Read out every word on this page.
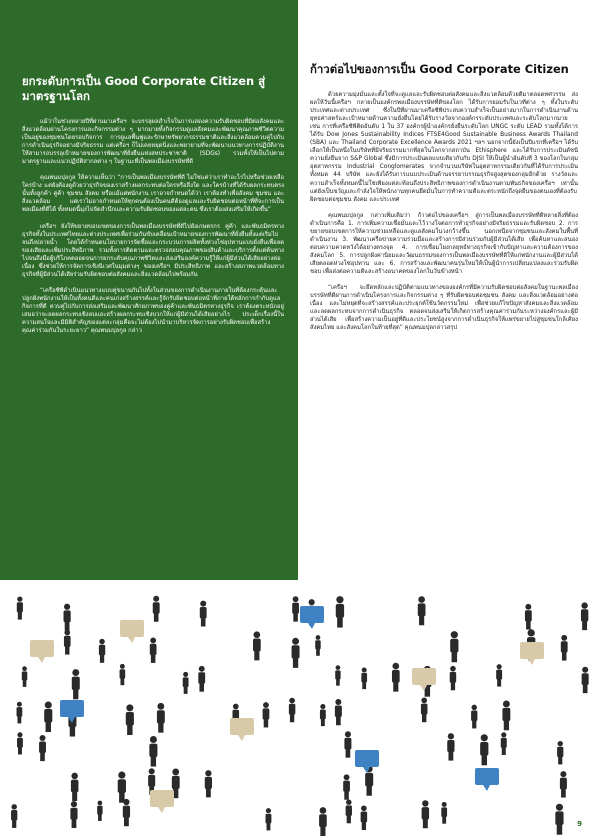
ยกระดับการเป็น Good Corporate Citizen สู่มาตรฐานโลก

แม้ว่าในช่วงหลายปีที่ผ่านมาเครือฯ จะบรรลุผลสำเร็จในการแสดงความรับผิดชอบที่มีต่อสังคมและสิ่งแวดล้อมผ่านโครงการและกิจกรรมต่าง ๆ มากมายทั้งกิจกรรมดูแลสังคมและพัฒนาคุณภาพชีวิตความเป็นอยู่ของชุมชนโดยรอบกิจการ การดูแลพื้นฟูและรักษาทรัพยากรธรรมชาติและสิ่งแวดล้อมควบคู่ไปกับการดำเนินธุรกิจอย่างมีจริยธรรม แต่เครือฯ ก็ไม่เคยหยุดนิ่งและพยายามที่จะพัฒนาแนวทางการปฏิบัติงานให้สามารถบรรลุเป้าหมายของการพัฒนาที่ยั่งยืนแห่งสหประชาชาติ (SDGs) รวมทั้งให้เป็นไปตามมาตรฐานและแนวปฏิบัติสากลต่าง ๆ ในฐานะที่เป็นพลเมืองบรรษัทที่ดี

คุณพนมปุลกูล ให้ความเห็นว่า “การเป็นพลเมืองบรรษัทที่ดี ไม่ใช่แค่ว่าเราทำอะไรไปหรือช่วยเหลือใครบ้าง แต่ยังต้องดูด้วยว่าธุรกิจของเราสร้างผลกระทบต่อใครหรือสิ่งใด และใครบ้างที่ได้รับผลกระทบตรงนั้นทั้งลูกค้า คู่ค้า ชุมชน สังคม หรือแม้แต่พนักงาน เราอาจกำหนดได้ว่า เราต้องทำเพื่อสังคม ชุมชน และสิ่งแวดล้อม แต่เราไม่อาจกำหนดให้ทุกคนต้องเป็นคนดีต้องดูแลและรับผิดชอบต่อหน้าที่ที่จะการเป็นพลเมืองที่ดีได้ ทั้งหมดนี้มุ่งไปจัดสำนึกและความรับผิดชอบของแต่ละคน ซึ่งเราต้องส่งเสริมให้เกิดขึ้น”

เครือฯ ยังให้ขยายขอบเขตของการเป็นพลเมืองบรรษัทที่ดีไปยังเกษตรกร คู่ค้า และพันธมิตรทางธุรกิจทั้งในประเทศไทยและต่างประเทศเพื่อร่วมกันขับเคลื่อนเป้าหมายของการพัฒนาที่ยั่งยืนทั้งแต่เริ่มไปจนถึงปลายน้ำ โดยได้กำหนดนโยบายการจัดซื้อและกระบวนการผลิตทั้งห่วงโซ่อุปทานแบบยั่งยืนเพื่อลดของเสียและเพิ่มประสิทธิภาพ รวมทั้งการติดตามและตรวจสอบคุณภาพของสินค้าและบริการตั้งแต่ต้นทางไปจนถึงมือผู้บริโภคตลอดจนการยกระดับคุณภาพชีวิตและส่งเสริมองค์ความรู้ให้แก่ผู้มีส่วนได้เสียอย่างต่อเนื่อง ซึ่งช่วยให้การจัดการเชิงนิเวศในมุมต่างๆ ของเครือฯ มีประสิทธิภาพ และสร้างสภาพแวดล้อมทางธุรกิจที่ผู้มีส่วนได้เสียร่วมรับผิดชอบต่อสังคมและสิ่งแวดล้อมไปพร้อมกัน

“เครือซีพีดำเนินแนวทางแบบคู่ขนานกันไปทั้งในส่วนของการดำเนินงานภายในที่ต้องกระตุ้นและปลูกฝังพนักงานให้เป็นทั้งคนดีและคนเก่งสร้างสรรค์และรู้จักรับผิดชอบต่อหน้าที่ภายใต้หลักการกำกับดูแลกิจการที่ดี ควบคู่ไปกับการส่งเสริมและพัฒนาศักยภาพของคู่ค้าและพันธมิตรทางธุรกิจ เราต้องตระหนักอยู่เสมอว่าจะลดผลกระทบเชิงลบและสร้างผลกระทบเชิงบวกให้แก่ผู้มีส่วนได้เสียอย่างไร ประเด็กเรื่องนี้ในความสนใจและมีมิติสำคัญของแต่ละกลุ่มคือจะไม่ต้องไปนำมาบริหารจัดการอย่างรับผิดชอบเพื่อสร้างคุณค่าร่วมกันในระยะยาว” คุณพนมปุลกูล กล่าว

ก้าวต่อไปของการเป็น Good Corporate Citizen

ด้วยความมุ่งมั่นและตั้งใจที่จะดูแลและรับผิดชอบต่อสังคมและสิ่งแวดล้อมด้วยดีมาตลอดทศวรรษ ส่งผลให้วันนี้เครือฯ กลายเป็นองค์กรพลเมืองบรรษัทที่ดีของโลก ได้รับการยอมรับในเวทีต่าง ๆ ทั้งในระดับประเทศและต่างประเทศ ซึ่งในปีที่ผ่านมาเครือซีพีประสบความสำเร็จเป็นอย่างมากในการดำเนินงานด้านยุทธศาสตร์และเป้าหมายด้านความยั่งยืนโดยได้รับรางวัลจากองค์กรระดับประเทศและระดับโลกมากมาย เช่น การที่เครือซีพีติดอันดับ 1 ใน 37 องค์กรผู้นำองค์กรยั่งยืนระดับโลก UNGC ระดับ LEAD รวมทั้งได้การได้รับ Dow Jones Sustainability Indices FTSE4Good Sustainable Business Awards Thailand (SBA) และ Thailand Corporate Excellence Awards 2021 ฯลฯ นอกจากนี้ยังเป็นปีแรกที่เครือฯ ได้รับเลือกให้เป็นหนึ่งในบริษัทที่มีจริยธรรมมากที่สุดในโลกจากสถาบัน Ethisphere และได้รับการประเมินดัชนีความยั่งยืนจาก S&P Global ซึ่งมีการประเมินผลแบบเดียวกับกับ DJSI ให้เป็นผู้นำอันดับที่ 3 ของโลกในกลุ่มอุตสาหกรรม Industrial Conglomerates จากจำนวนบริษัทในอุตสาหกรรมเดียวกันที่ได้รับการประเมินทั้งหมด 44 บริษัท และยังได้รับการแนบประเมินด้านจรรยาบรรณธุรกิจสูงสุดของกลุ่มอีกด้วย รางวัลและความสำเร็จทั้งหมดนี้ไม่ใช่เพียงแต่สะท้อนถึงประสิทธิภาพของการดำเนินงานตามพันธกิจของเครือฯ เท่านั้น แต่ยังเป็นขวัญและกำลังใจให้พนักงานทุกคนยึดมั่นในการทำความดีและตระหนักถึงจุดยืนของตนเองที่ต้องรับผิดชอบต่อชุมชน สังคม และประเทศ

คุณพนมปุลกูล กล่าวเพิ่มเติมว่า ก้าวต่อไปของเครือฯ สู่การเป็นพลเมืองบรรษัทที่ดีหลายสิ่งที่ต้องดำเนินการคือ 1. การเพิ่มความเชื่อมั่นและไว้วางใจต่อการทำธุรกิจอย่างมีจริยธรรมและรับผิดชอบ 2. การขยายขอบเขตการให้ความช่วยเหลือและดูแลสังคมในวงกว้างขึ้น นอกเหนือจากชุมชนและสังคมในพื้นที่ดำเนินงาน 3. พัฒนาเครือข่ายความร่วมมือและสร้างการมีส่วนร่วมกับผู้มีส่วนได้เสีย เพื่อค้นหาและสนองตอบความคาดหวังได้อย่างตรงจุด 4. การเชื่อมโยงกลยุทธ์ทางธุรกิจเข้ากับปัญหาและความต้องการของสังคมโลก 5. การปลูกฝังค่านิยมและวัฒนธรรมของการเป็นพลเมืองบรรษัทที่ดีให้แก่พนักงานและผู้มีส่วนได้เสียตลอดห่วงโซ่อุปทาน และ 6. การสร้างและพัฒนาคนรุ่นใหม่ให้เป็นผู้นำการเปลี่ยนแปลงและร่วมรับผิดชอบ เพื่อส่งต่อความดีและสร้างอนาคตของโลกในวันข้างหน้า

“เครือฯ จะยึดหลักและปฏิบัติตามแนวทางขององค์กรที่มีความรับผิดชอบต่อสังคมในฐานะพลเมืองบรรษัทที่ดีผ่านการดำเนินโครงการและกิจกรรมต่าง ๆ ที่รับผิดชอบต่อชุมชน สังคม และสิ่งแวดล้อมอย่างต่อเนื่อง และไม่หยุดที่จะสร้างสรรค์และประยุกต์ใช้นวัตกรรมใหม่ เพื่อช่วยแก้ไขปัญหาสังคมและสิ่งแวดล้อม และลดผลกระทบจากการดำเนินธุรกิจ ตลอดจนส่งเสริมให้เกิดการสร้างคุณค่าร่วมกันระหว่างองค์กรและผู้มีส่วนได้เสีย เพื่อสร้างความเป็นอยู่ที่ดีและประโยชน์สูงจากการดำเนินธุรกิจให้แพร่ขยายไปสู่ชุมชนใกล้เคียง สังคมไทย และสังคมโลกในท้ายที่สุด” คุณพนมปุลกล่าวสรุป

9
